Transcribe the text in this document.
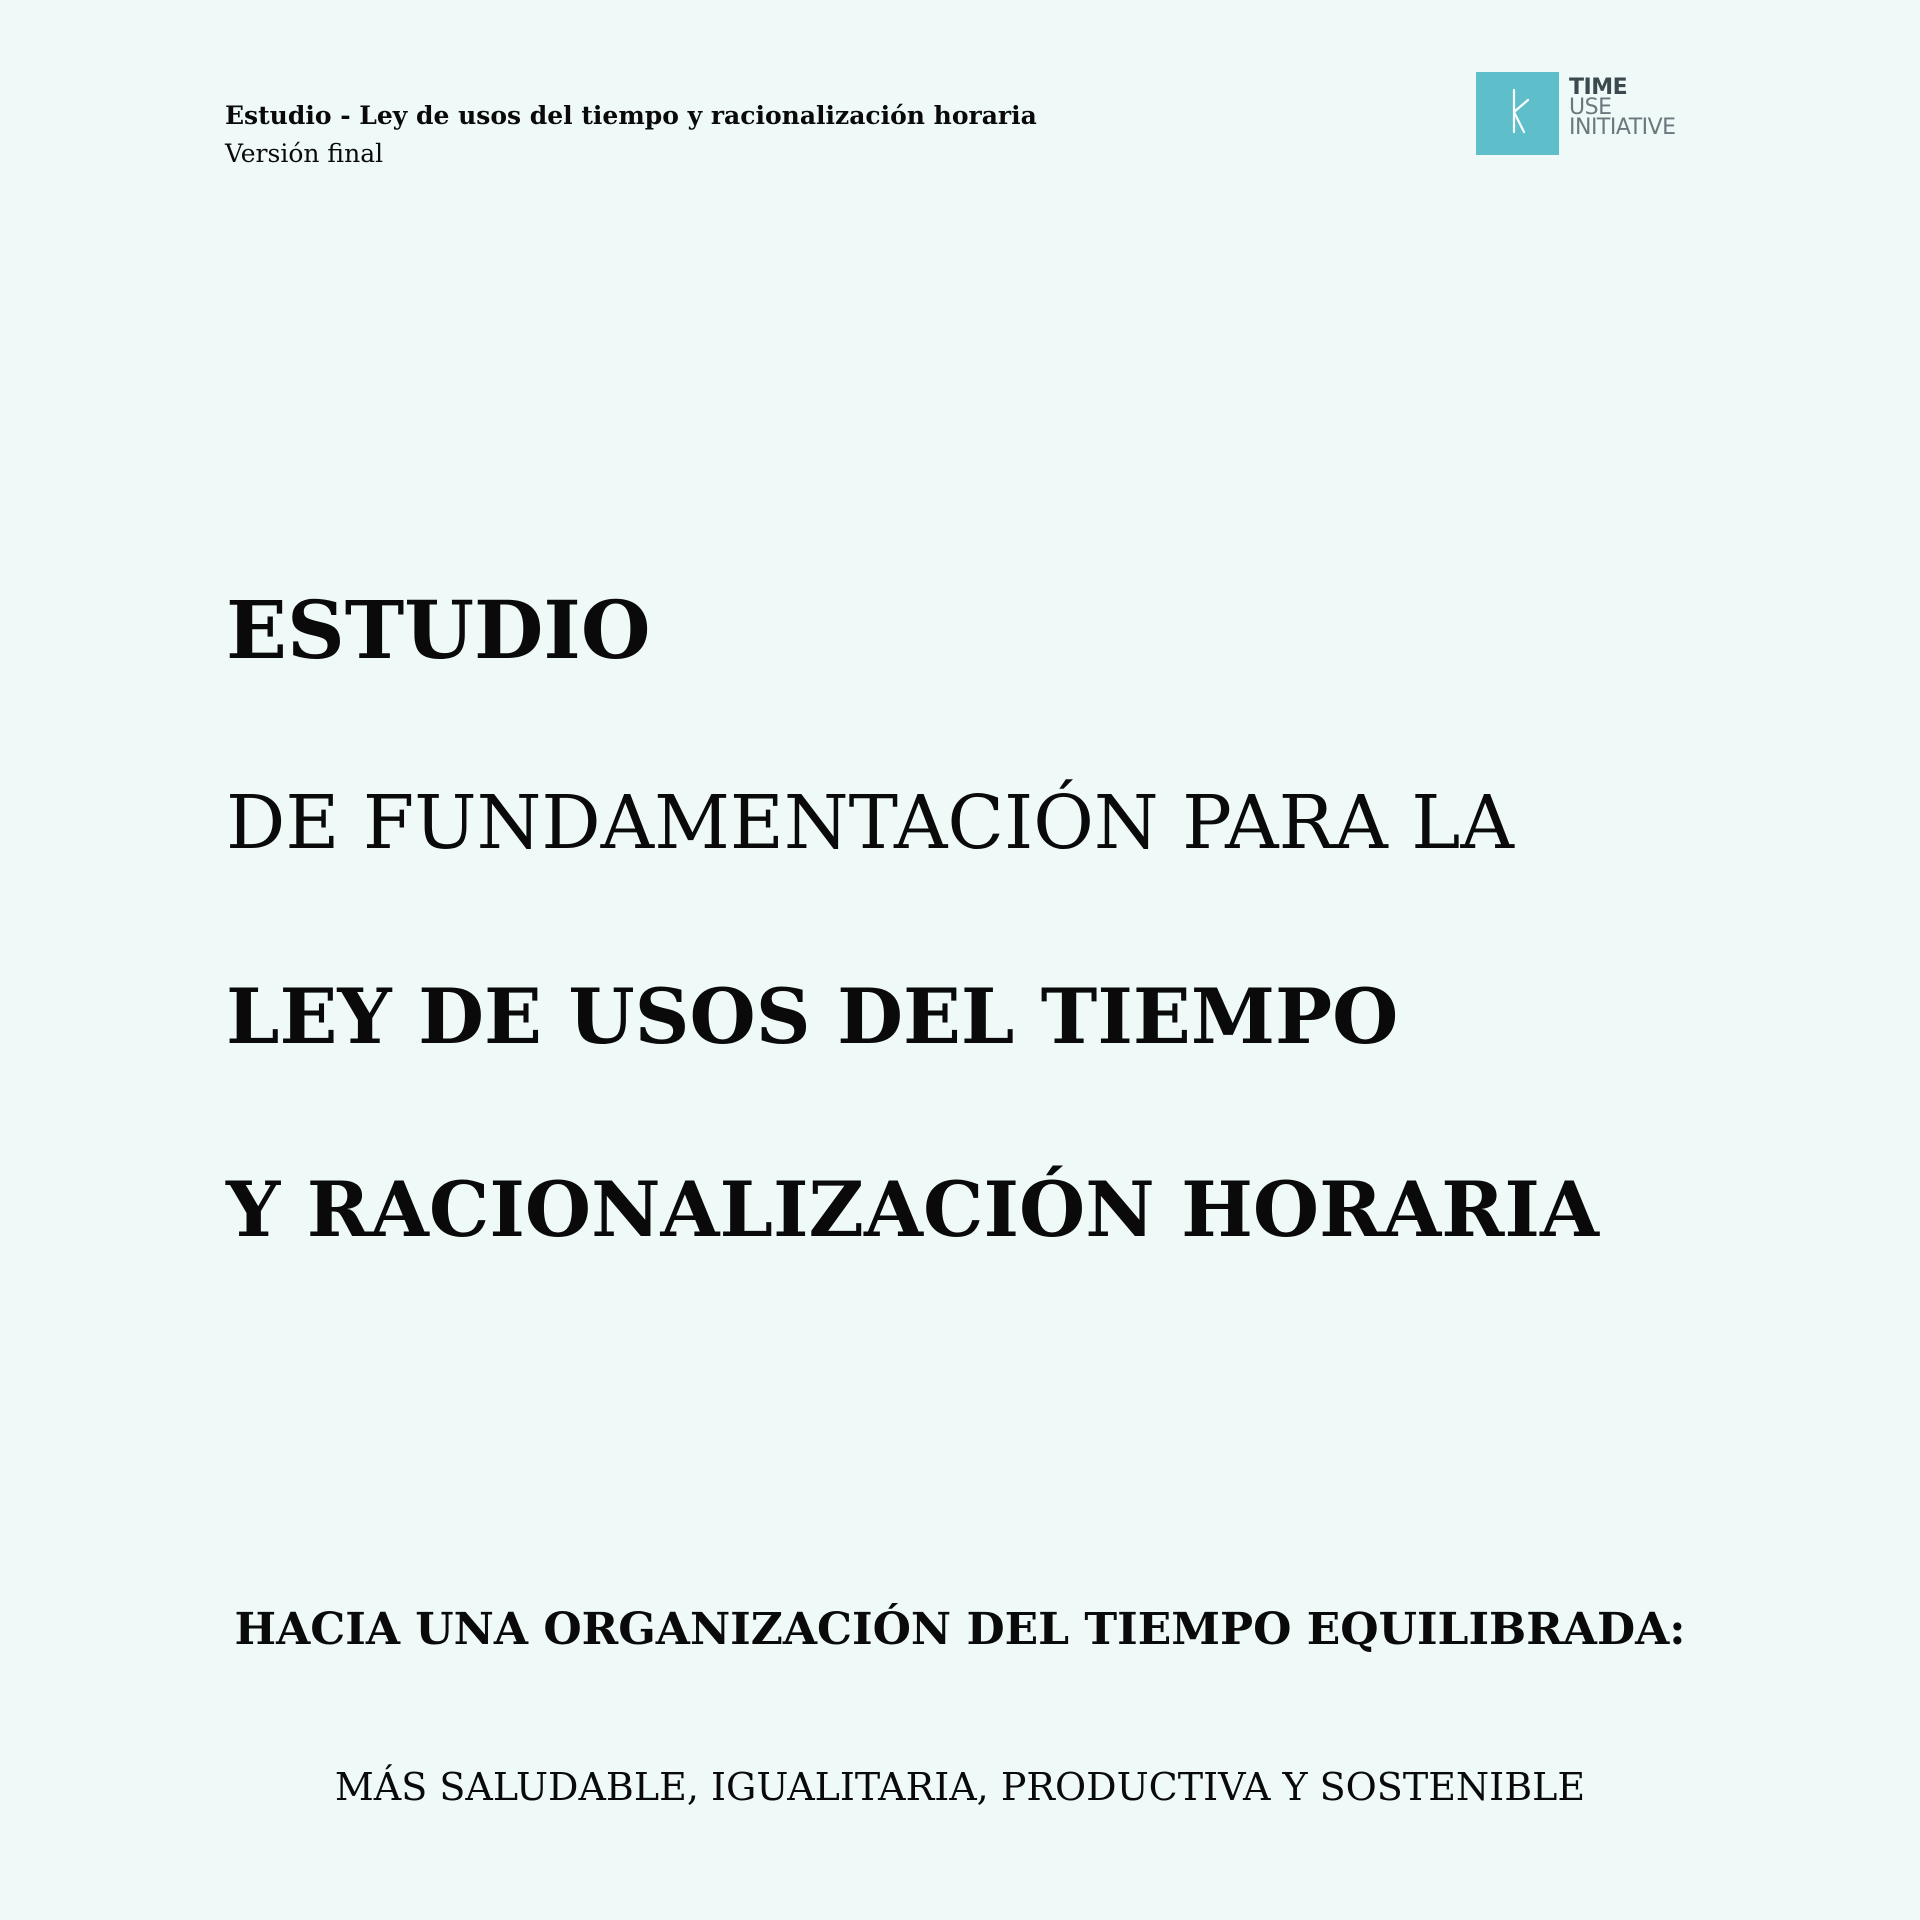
Estudio - Ley de usos del tiempo y racionalización horaria
Versión final
TIME
USE
INITIATIVE
ESTUDIO
DE FUNDAMENTACIÓN PARA LA
LEY DE USOS DEL TIEMPO
Y RACIONALIZACIÓN HORARIA
HACIA UNA ORGANIZACIÓN DEL TIEMPO EQUILIBRADA:
MÁS SALUDABLE, IGUALITARIA, PRODUCTIVA Y SOSTENIBLE
